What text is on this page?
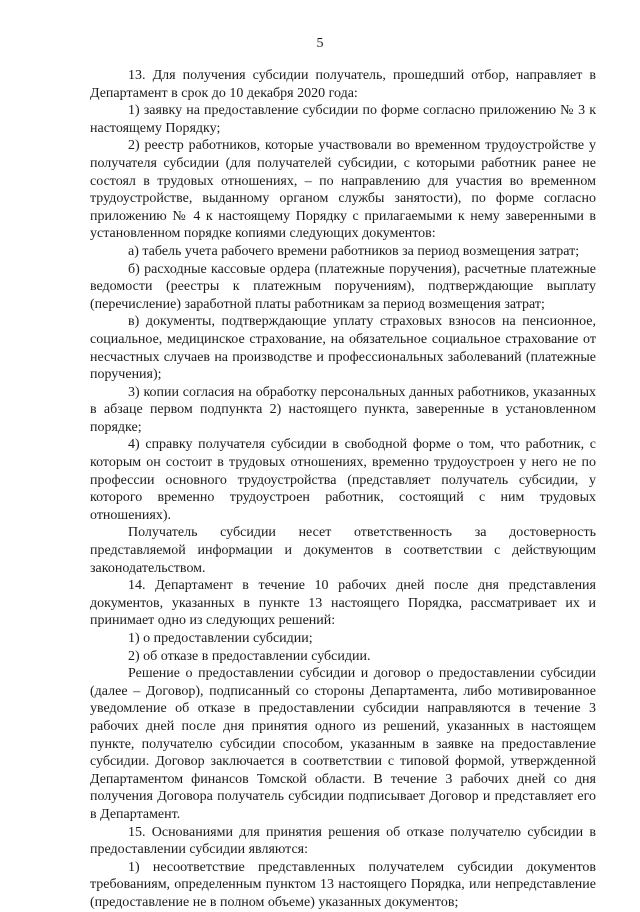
5

13. Для получения субсидии получатель, прошедший отбор, направляет в Департамент в срок до 10 декабря 2020 года:

1) заявку на предоставление субсидии по форме согласно приложению № 3 к настоящему Порядку;

2) реестр работников, которые участвовали во временном трудоустройстве у получателя субсидии (для получателей субсидии, с которыми работник ранее не состоял в трудовых отношениях, – по направлению для участия во временном трудоустройстве, выданному органом службы занятости), по форме согласно приложению № 4 к настоящему Порядку с прилагаемыми к нему заверенными в установленном порядке копиями следующих документов:

а) табель учета рабочего времени работников за период возмещения затрат;

б) расходные кассовые ордера (платежные поручения), расчетные платежные ведомости (реестры к платежным поручениям), подтверждающие выплату (перечисление) заработной платы работникам за период возмещения затрат;

в) документы, подтверждающие уплату страховых взносов на пенсионное, социальное, медицинское страхование, на обязательное социальное страхование от несчастных случаев на производстве и профессиональных заболеваний (платежные поручения);

3) копии согласия на обработку персональных данных работников, указанных в абзаце первом подпункта 2) настоящего пункта, заверенные в установленном порядке;

4) справку получателя субсидии в свободной форме о том, что работник, с которым он состоит в трудовых отношениях, временно трудоустроен у него не по профессии основного трудоустройства (представляет получатель субсидии, у которого временно трудоустроен работник, состоящий с ним трудовых отношениях).

Получатель субсидии несет ответственность за достоверность представляемой информации и документов в соответствии с действующим законодательством.

14. Департамент в течение 10 рабочих дней после дня представления документов, указанных в пункте 13 настоящего Порядка, рассматривает их и принимает одно из следующих решений:

1) о предоставлении субсидии;

2) об отказе в предоставлении субсидии.

Решение о предоставлении субсидии и договор о предоставлении субсидии (далее – Договор), подписанный со стороны Департамента, либо мотивированное уведомление об отказе в предоставлении субсидии направляются в течение 3 рабочих дней после дня принятия одного из решений, указанных в настоящем пункте, получателю субсидии способом, указанным в заявке на предоставление субсидии. Договор заключается в соответствии с типовой формой, утвержденной Департаментом финансов Томской области. В течение 3 рабочих дней со дня получения Договора получатель субсидии подписывает Договор и представляет его в Департамент.

15. Основаниями для принятия решения об отказе получателю субсидии в предоставлении субсидии являются:

1) несоответствие представленных получателем субсидии документов требованиям, определенным пунктом 13 настоящего Порядка, или непредставление (предоставление не в полном объеме) указанных документов;
